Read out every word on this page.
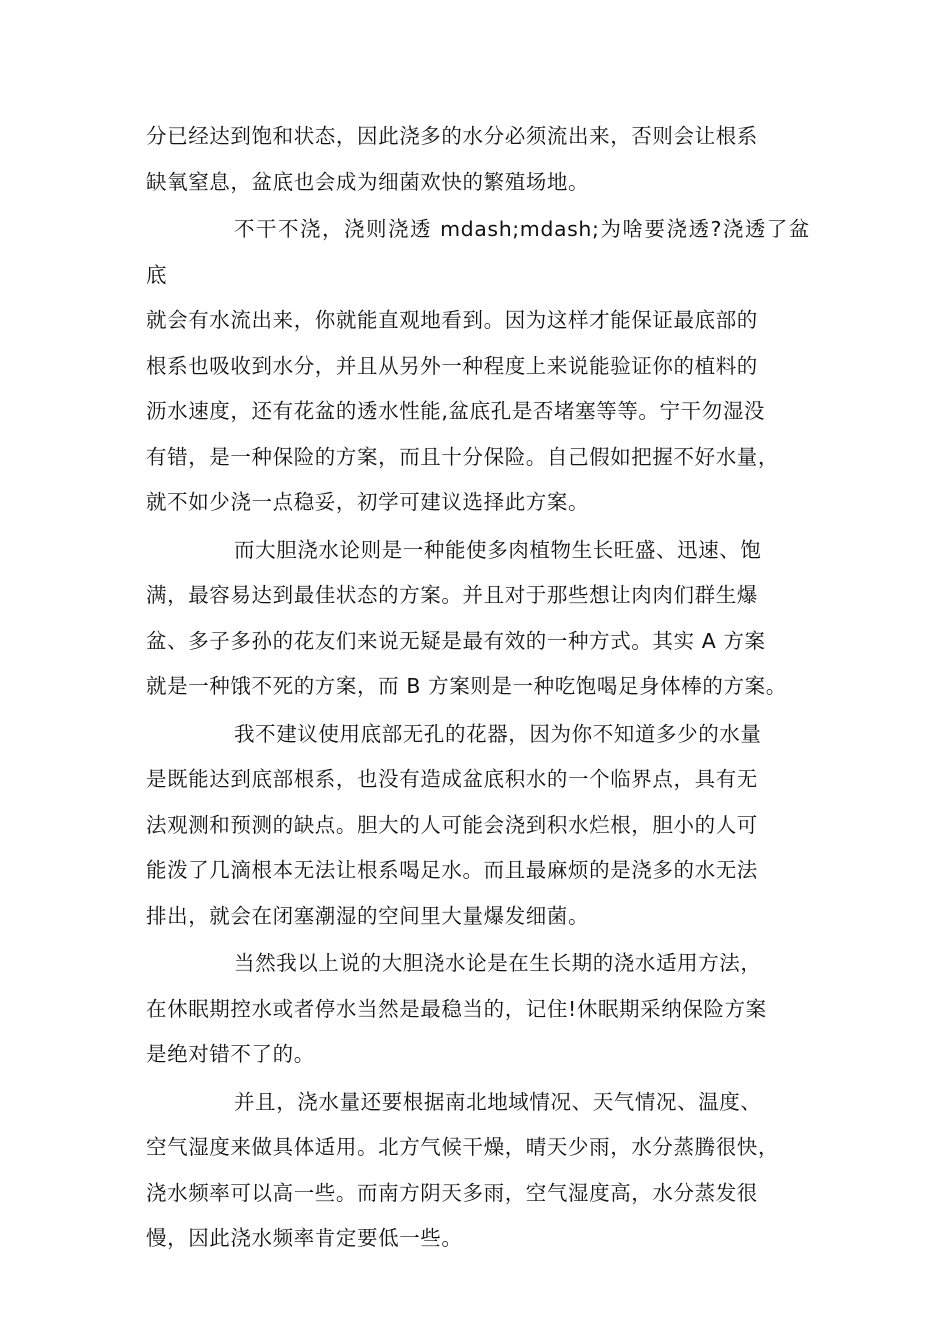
分已经达到饱和状态，因此浇多的水分必须流出来，否则会让根系
缺氧窒息，盆底也会成为细菌欢快的繁殖场地。

不干不浇，浇则浇透 mdash;mdash;为啥要浇透?浇透了盆底
就会有水流出来，你就能直观地看到。因为这样才能保证最底部的
根系也吸收到水分，并且从另外一种程度上来说能验证你的植料的
沥水速度，还有花盆的透水性能,盆底孔是否堵塞等等。宁干勿湿没
有错，是一种保险的方案，而且十分保险。自己假如把握不好水量，
就不如少浇一点稳妥，初学可建议选择此方案。

而大胆浇水论则是一种能使多肉植物生长旺盛、迅速、饱
满，最容易达到最佳状态的方案。并且对于那些想让肉肉们群生爆
盆、多子多孙的花友们来说无疑是最有效的一种方式。其实 A 方案
就是一种饿不死的方案，而 B 方案则是一种吃饱喝足身体棒的方案。

我不建议使用底部无孔的花器，因为你不知道多少的水量
是既能达到底部根系，也没有造成盆底积水的一个临界点，具有无
法观测和预测的缺点。胆大的人可能会浇到积水烂根，胆小的人可
能泼了几滴根本无法让根系喝足水。而且最麻烦的是浇多的水无法
排出，就会在闭塞潮湿的空间里大量爆发细菌。

当然我以上说的大胆浇水论是在生长期的浇水适用方法，
在休眠期控水或者停水当然是最稳当的，记住!休眠期采纳保险方案
是绝对错不了的。

并且，浇水量还要根据南北地域情况、天气情况、温度、
空气湿度来做具体适用。北方气候干燥，晴天少雨，水分蒸腾很快，
浇水频率可以高一些。而南方阴天多雨，空气湿度高，水分蒸发很
慢，因此浇水频率肯定要低一些。
